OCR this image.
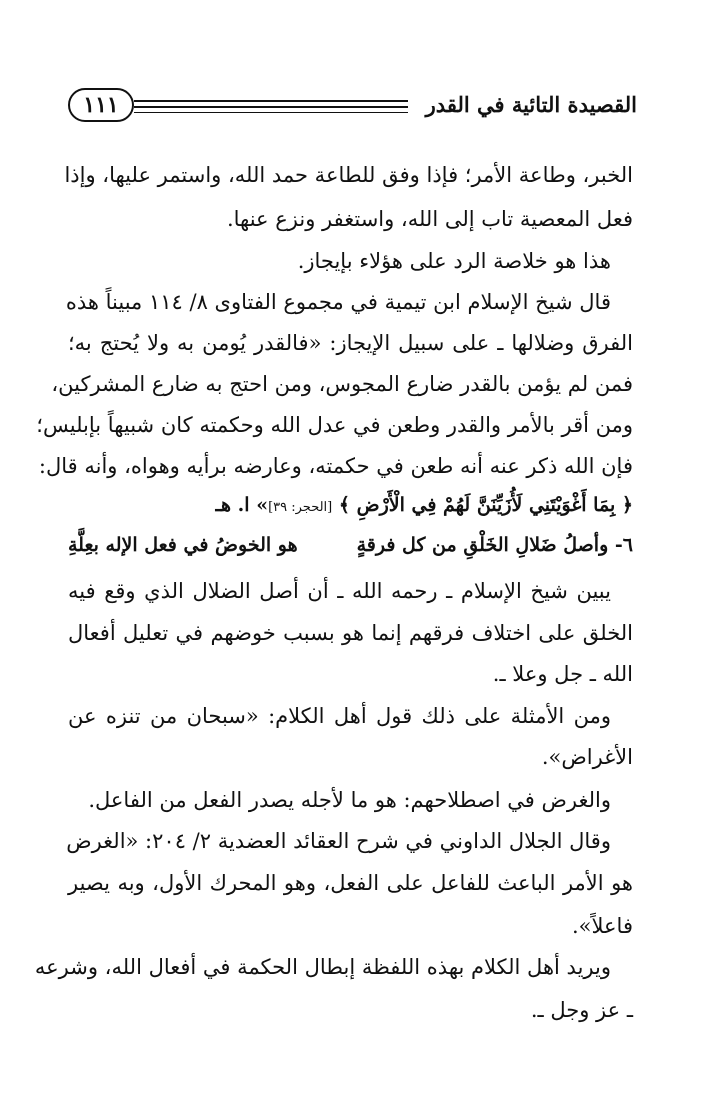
القصيدة التائية في القدر
١١١
الخبر، وطاعة الأمر؛ فإذا وفق للطاعة حمد الله، واستمر عليها، وإذا
فعل المعصية تاب إلى الله، واستغفر ونزع عنها.
هذا هو خلاصة الرد على هؤلاء بإيجاز.
قال شيخ الإسلام ابن تيمية في مجموع الفتاوى ٨/ ١١٤ مبيناً هذه
الفرق وضلالها ـ على سبيل الإيجاز: «فالقدر يُومن به ولا يُحتج به؛
فمن لم يؤمن بالقدر ضارع المجوس، ومن احتج به ضارع المشركين،
ومن أقر بالأمر والقدر وطعن في عدل الله وحكمته كان شبيهاً بإبليس؛
فإن الله ذكر عنه أنه طعن في حكمته، وعارضه برأيه وهواه، وأنه قال:
﴿ بِمَا أَغْوَيْتَنِي لَأُزَيِّنَنَّ لَهُمْ فِي الْأَرْضِ ﴾ [الحجر: ٣٩]» ا. هـ
٦- وأصلُ ضَلالِ الخَلْقِ من كل فرقةٍ
هو الخوضُ في فعل الإله بعِلَّةِ
يبين شيخ الإسلام ـ رحمه الله ـ أن أصل الضلال الذي وقع فيه
الخلق على اختلاف فرقهم إنما هو بسبب خوضهم في تعليل أفعال
الله ـ جل وعلا ـ.
ومن الأمثلة على ذلك قول أهل الكلام: «سبحان من تنزه عن
الأغراض».
والغرض في اصطلاحهم: هو ما لأجله يصدر الفعل من الفاعل.
وقال الجلال الداوني في شرح العقائد العضدية ٢/ ٢٠٤: «الغرض
هو الأمر الباعث للفاعل على الفعل، وهو المحرك الأول، وبه يصير
فاعلاً».
ويريد أهل الكلام بهذه اللفظة إبطال الحكمة في أفعال الله، وشرعه
ـ عز وجل ـ.
